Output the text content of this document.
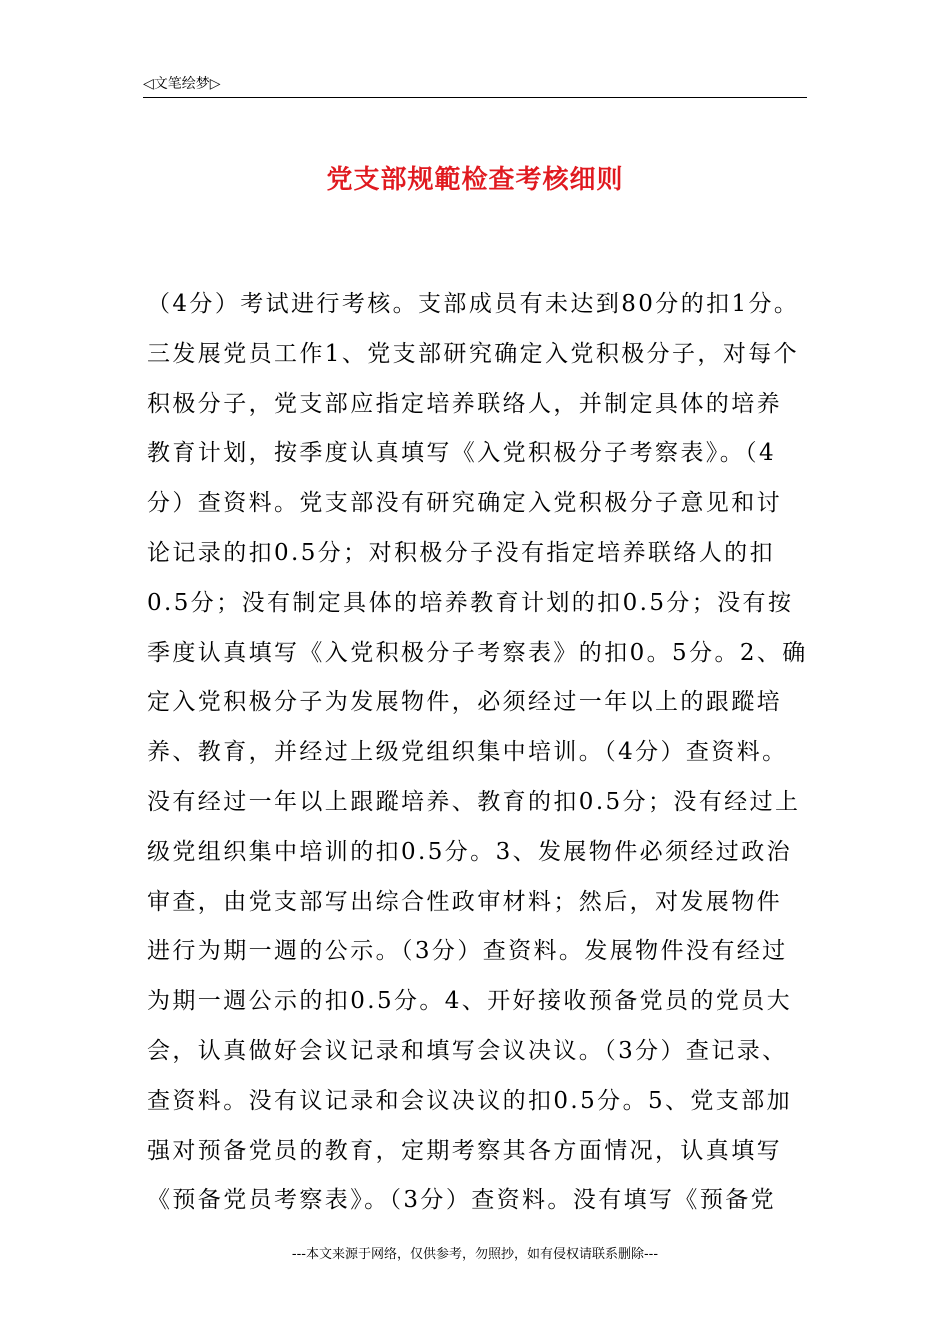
◁文笔绘梦▷
党支部规範检查考核细则
（4分）考试进行考核。支部成员有未达到80分的扣1分。
三发展党员工作1、党支部研究确定入党积极分子，对每个
积极分子，党支部应指定培养联络人，并制定具体的培养
教育计划，按季度认真填写《入党积极分子考察表》。（4
分）查资料。党支部没有研究确定入党积极分子意见和讨
论记录的扣0.5分；对积极分子没有指定培养联络人的扣
0.5分；没有制定具体的培养教育计划的扣0.5分；没有按
季度认真填写《入党积极分子考察表》的扣0。5分。2、确
定入党积极分子为发展物件，必须经过一年以上的跟蹤培
养、教育，并经过上级党组织集中培训。（4分）查资料。
没有经过一年以上跟蹤培养、教育的扣0.5分；没有经过上
级党组织集中培训的扣0.5分。3、发展物件必须经过政治
审查，由党支部写出综合性政审材料；然后，对发展物件
进行为期一週的公示。（3分）查资料。发展物件没有经过
为期一週公示的扣0.5分。4、开好接收预备党员的党员大
会，认真做好会议记录和填写会议决议。（3分）查记录、
查资料。没有议记录和会议决议的扣0.5分。5、党支部加
强对预备党员的教育，定期考察其各方面情况，认真填写
《预备党员考察表》。（3分）查资料。没有填写《预备党
---本文来源于网络，仅供参考，勿照抄，如有侵权请联系删除---
